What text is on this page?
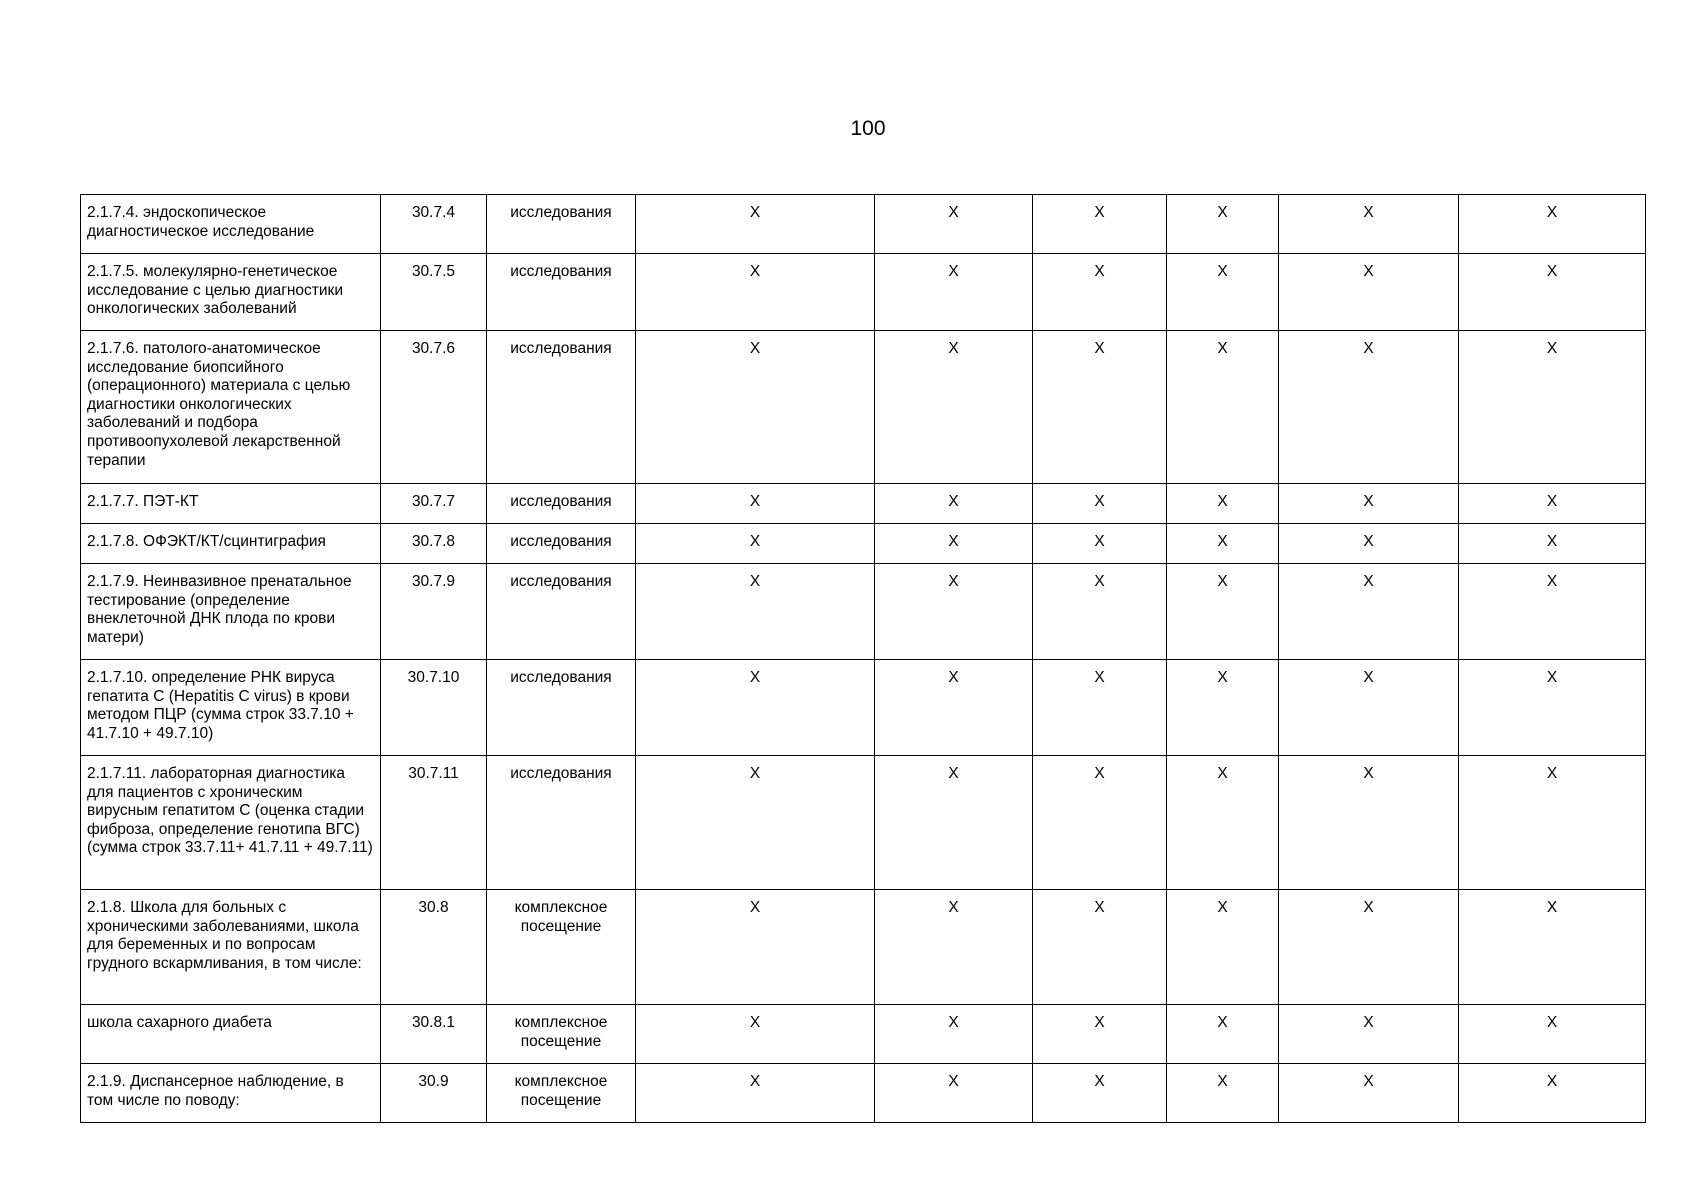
100
2.1.7.4. эндоскопическое диагностическое исследование	30.7.4	исследования	X	X	X	X	X	X
2.1.7.5. молекулярно-генетическое исследование с целью диагностики онкологических заболеваний	30.7.5	исследования	X	X	X	X	X	X
2.1.7.6. патолого-анатомическое исследование биопсийного (операционного) материала с целью диагностики онкологических заболеваний и подбора противоопухолевой лекарственной терапии	30.7.6	исследования	X	X	X	X	X	X
2.1.7.7. ПЭТ-КТ	30.7.7	исследования	X	X	X	X	X	X
2.1.7.8. ОФЭКТ/КТ/сцинтиграфия	30.7.8	исследования	X	X	X	X	X	X
2.1.7.9. Неинвазивное пренатальное тестирование (определение внеклеточной ДНК плода по крови матери)	30.7.9	исследования	X	X	X	X	X	X
2.1.7.10. определение РНК вируса гепатита C (Hepatitis C virus) в крови методом ПЦР (сумма строк 33.7.10 + 41.7.10 + 49.7.10)	30.7.10	исследования	X	X	X	X	X	X
2.1.7.11. лабораторная диагностика для пациентов с хроническим вирусным гепатитом С (оценка стадии фиброза, определение генотипа ВГС) (сумма строк 33.7.11+ 41.7.11 + 49.7.11)	30.7.11	исследования	X	X	X	X	X	X
2.1.8. Школа для больных с хроническими заболеваниями, школа для беременных и по вопросам грудного вскармливания, в том числе:	30.8	комплексное посещение	X	X	X	X	X	X
школа сахарного диабета	30.8.1	комплексное посещение	X	X	X	X	X	X
2.1.9. Диспансерное наблюдение, в том числе по поводу:	30.9	комплексное посещение	X	X	X	X	X	X
